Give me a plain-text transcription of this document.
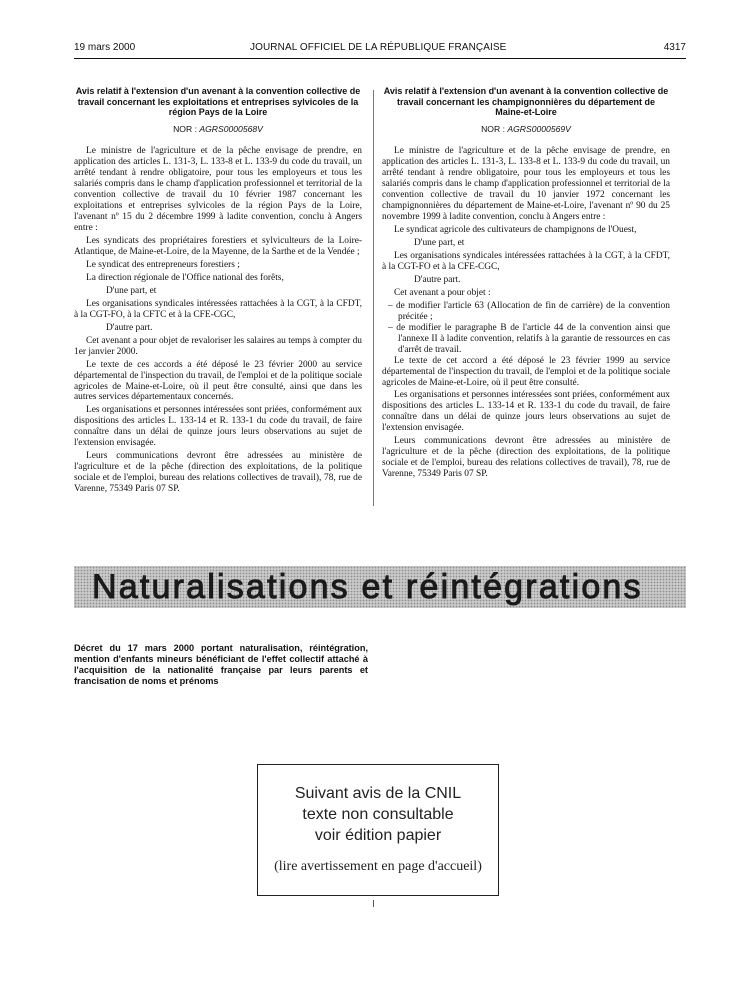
19 mars 2000	JOURNAL OFFICIEL DE LA RÉPUBLIQUE FRANÇAISE	4317
Avis relatif à l'extension d'un avenant à la convention collective de travail concernant les exploitations et entreprises sylvicoles de la région Pays de la Loire
NOR : AGRS0000568V

Le ministre de l'agriculture et de la pêche envisage de prendre, en application des articles L. 131-3, L. 133-8 et L. 133-9 du code du travail, un arrêté tendant à rendre obligatoire, pour tous les employeurs et tous les salariés compris dans le champ d'application professionnel et territorial de la convention collective de travail du 10 février 1987 concernant les exploitations et entreprises sylvicoles de la région Pays de la Loire, l'avenant nº 15 du 2 décembre 1999 à ladite convention, conclu à Angers entre :

Les syndicats des propriétaires forestiers et sylviculteurs de la Loire-Atlantique, de Maine-et-Loire, de la Mayenne, de la Sarthe et de la Vendée ;

Le syndicat des entrepreneurs forestiers ;

La direction régionale de l'Office national des forêts,

D'une part, et

Les organisations syndicales intéressées rattachées à la CGT, à la CFDT, à la CGT-FO, à la CFTC et à la CFE-CGC,

D'autre part.

Cet avenant a pour objet de revaloriser les salaires au temps à compter du 1er janvier 2000.

Le texte de ces accords a été déposé le 23 février 2000 au service départemental de l'inspection du travail, de l'emploi et de la politique sociale agricoles de Maine-et-Loire, où il peut être consulté, ainsi que dans les autres services départementaux concernés.

Les organisations et personnes intéressées sont priées, conformément aux dispositions des articles L. 133-14 et R. 133-1 du code du travail, de faire connaître dans un délai de quinze jours leurs observations au sujet de l'extension envisagée.

Leurs communications devront être adressées au ministère de l'agriculture et de la pêche (direction des exploitations, de la politique sociale et de l'emploi, bureau des relations collectives de travail), 78, rue de Varenne, 75349 Paris 07 SP.

Avis relatif à l'extension d'un avenant à la convention collective de travail concernant les champignonnières du département de Maine-et-Loire
NOR : AGRS0000569V

Le ministre de l'agriculture et de la pêche envisage de prendre, en application des articles L. 131-3, L. 133-8 et L. 133-9 du code du travail, un arrêté tendant à rendre obligatoire, pour tous les employeurs et tous les salariés compris dans le champ d'application professionnel et territorial de la convention collective de travail du 10 janvier 1972 concernant les champignonnières du département de Maine-et-Loire, l'avenant nº 90 du 25 novembre 1999 à ladite convention, conclu à Angers entre :

Le syndicat agricole des cultivateurs de champignons de l'Ouest,

D'une part, et

Les organisations syndicales intéressées rattachées à la CGT, à la CFDT, à la CGT-FO et à la CFE-CGC,

D'autre part.

Cet avenant a pour objet :

– de modifier l'article 63 (Allocation de fin de carrière) de la convention précitée ;

– de modifier le paragraphe B de l'article 44 de la convention ainsi que l'annexe II à ladite convention, relatifs à la garantie de ressources en cas d'arrêt de travail.

Le texte de cet accord a été déposé le 23 février 1999 au service départemental de l'inspection du travail, de l'emploi et de la politique sociale agricoles de Maine-et-Loire, où il peut être consulté.

Les organisations et personnes intéressées sont priées, conformément aux dispositions des articles L. 133-14 et R. 133-1 du code du travail, de faire connaître dans un délai de quinze jours leurs observations au sujet de l'extension envisagée.

Leurs communications devront être adressées au ministère de l'agriculture et de la pêche (direction des exploitations, de la politique sociale et de l'emploi, bureau des relations collectives de travail), 78, rue de Varenne, 75349 Paris 07 SP.

Naturalisations et réintégrations
Décret du 17 mars 2000 portant naturalisation, réintégration, mention d'enfants mineurs bénéficiant de l'effet collectif attaché à l'acquisition de la nationalité française par leurs parents et francisation de noms et prénoms
Suivant avis de la CNIL
texte non consultable
voir édition papier
(lire avertissement en page d'accueil)
